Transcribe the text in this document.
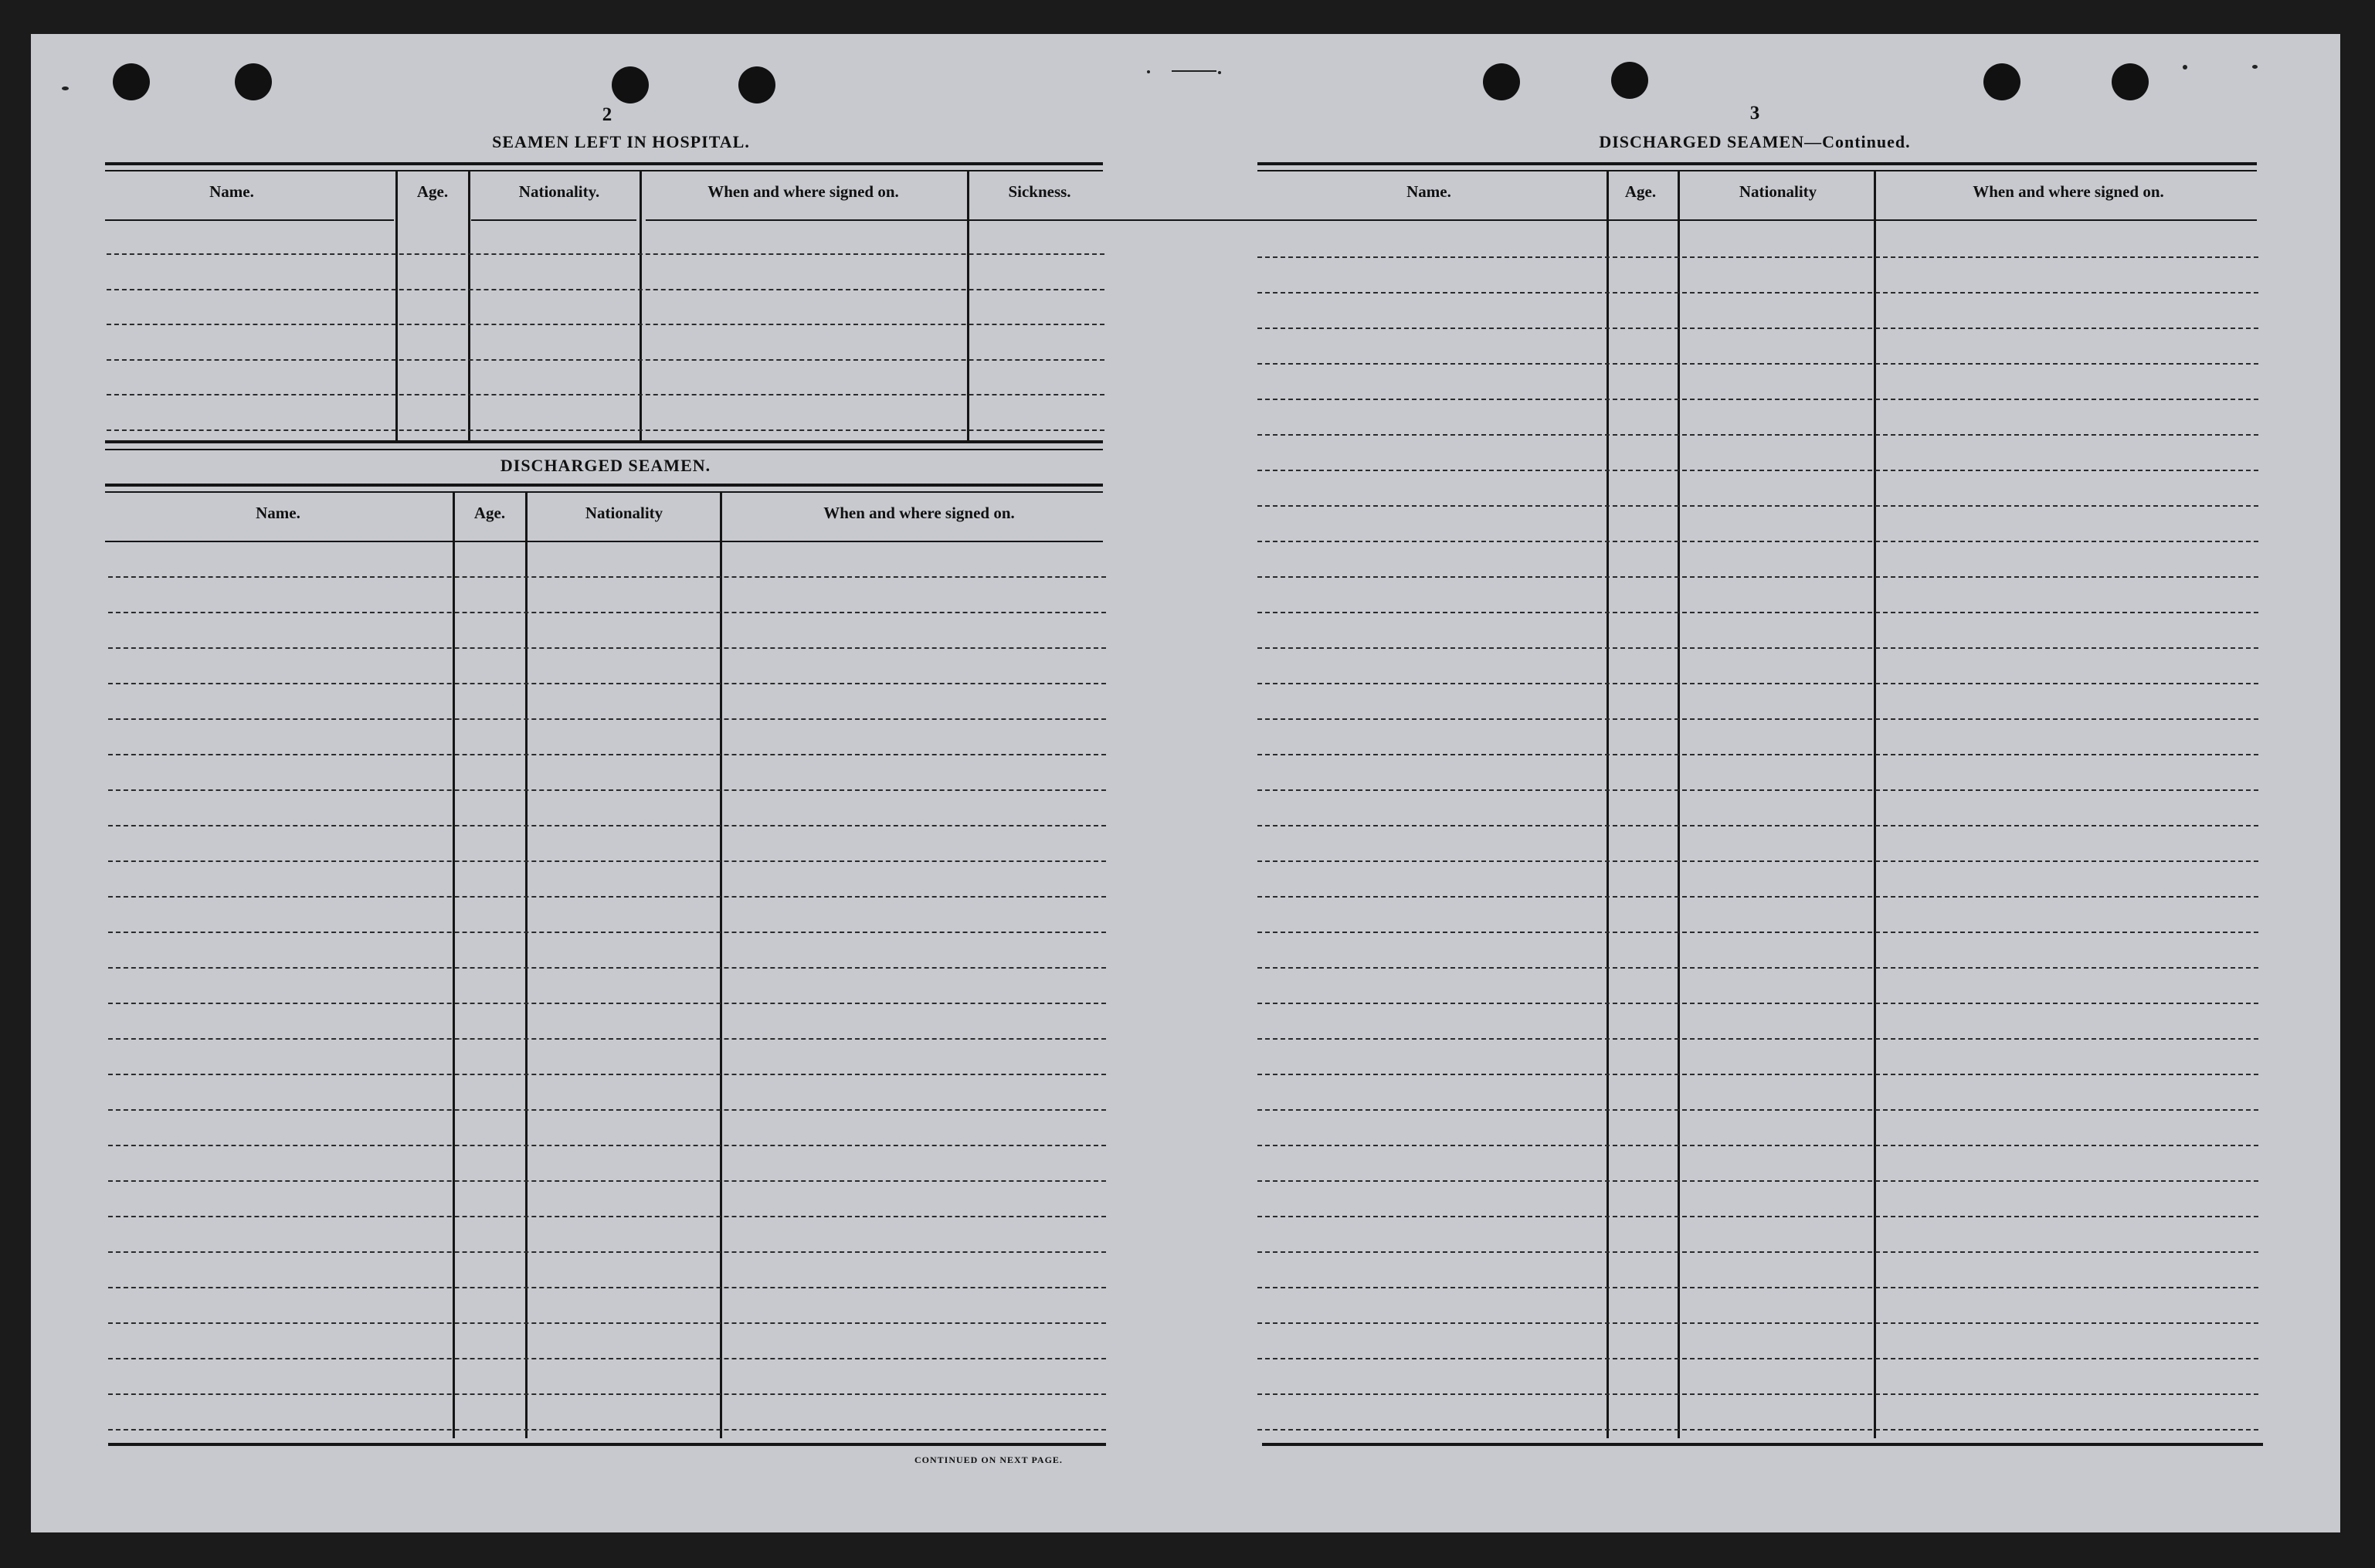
2
SEAMEN LEFT IN HOSPITAL.
DISCHARGED SEAMEN.
CONTINUED ON NEXT PAGE.
3
DISCHARGED SEAMEN—Continued.
Name.	Age.	Nationality.	When and where signed on.	Sickness.
Name.	Age.	Nationality	When and where signed on.
Name.	Age.	Nationality	When and where signed on.
